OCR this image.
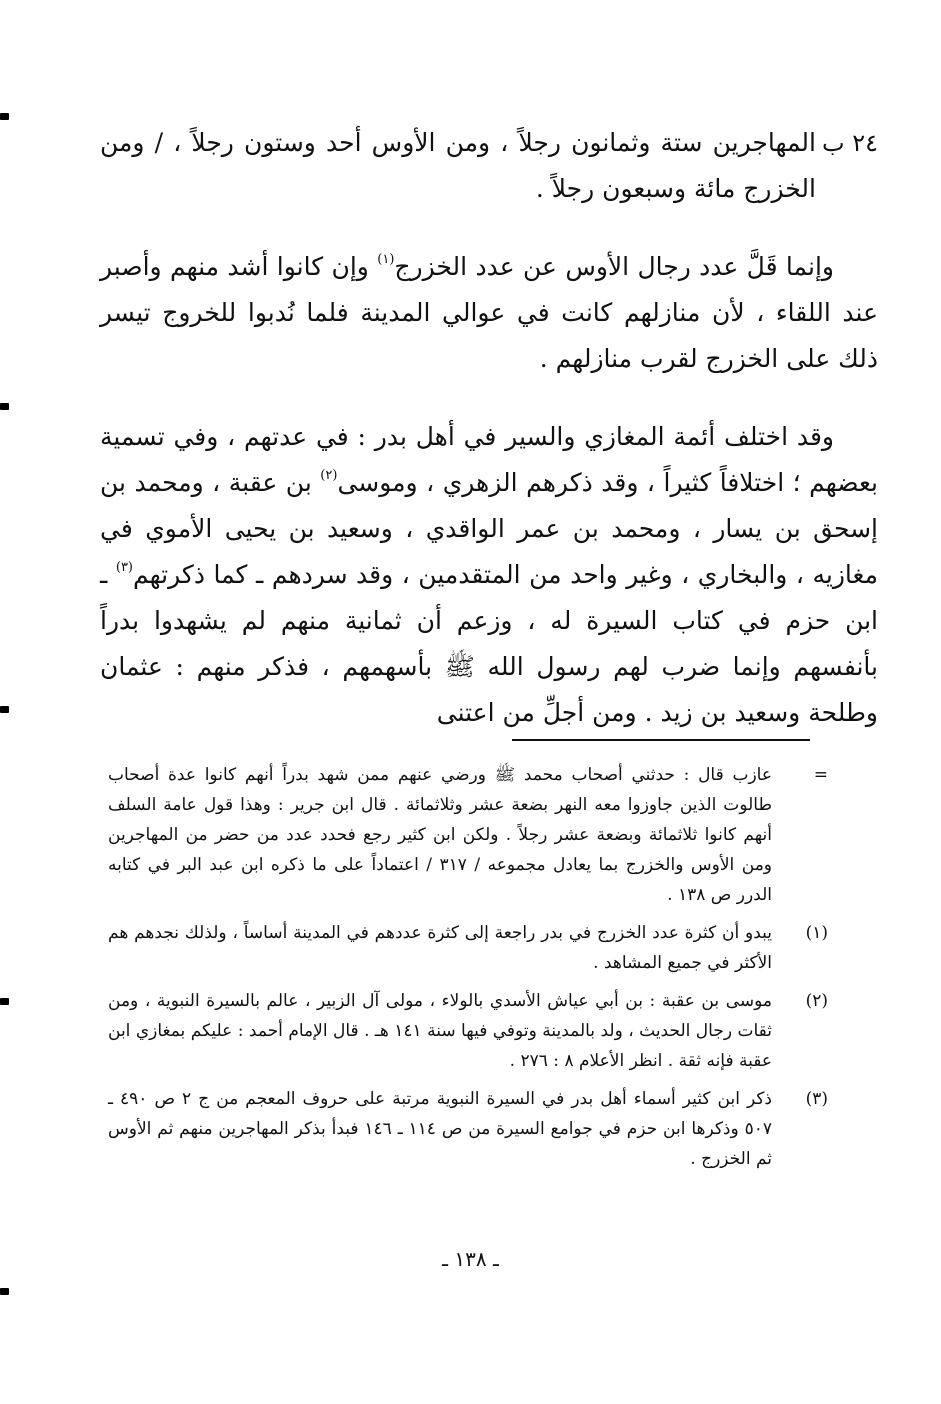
٢٤ ب
المهاجرين ستة وثمانون رجلاً ، ومن الأوس أحد وستون رجلاً ، / ومن الخزرج مائة وسبعون رجلاً .

وإنما قَلَّ عدد رجال الأوس عن عدد الخزرج$^{(١)}$ وإن كانوا أشد منهم وأصبر عند اللقاء ، لأن منازلهم كانت في عوالي المدينة فلما نُدبوا للخروج تيسر ذلك على الخزرج لقرب منازلهم .

وقد اختلف أئمة المغازي والسير في أهل بدر : في عدتهم ، وفي تسمية بعضهم ؛ اختلافاً كثيراً ، وقد ذكرهم الزهري ، وموسى$^{(٢)}$ بن عقبة ، ومحمد بن إسحق بن يسار ، ومحمد بن عمر الواقدي ، وسعيد بن يحيى الأموي في مغازيه ، والبخاري ، وغير واحد من المتقدمين ، وقد سردهم ـ كما ذكرتهم$^{(٣)}$ ـ ابن حزم في كتاب السيرة له ، وزعم أن ثمانية منهم لم يشهدوا بدراً بأنفسهم وإنما ضرب لهم رسول الله ﷺ بأسهمهم ، فذكر منهم : عثمان وطلحة وسعيد بن زيد . ومن أجلِّ من اعتنى

=
عازب قال : حدثني أصحاب محمد ﷺ ورضي عنهم ممن شهد بدراً أنهم كانوا عدة أصحاب طالوت الذين جاوزوا معه النهر بضعة عشر وثلاثمائة . قال ابن جرير : وهذا قول عامة السلف أنهم كانوا ثلاثمائة وبضعة عشر رجلاً . ولكن ابن كثير رجع فحدد عدد من حضر من المهاجرين ومن الأوس والخزرج بما يعادل مجموعه / ٣١٧ / اعتماداً على ما ذكره ابن عبد البر في كتابه الدرر ص ١٣٨ .

(١)
يبدو أن كثرة عدد الخزرج في بدر راجعة إلى كثرة عددهم في المدينة أساساً ، ولذلك نجدهم هم الأكثر في جميع المشاهد .

(٢)
موسى بن عقبة : بن أبي عياش الأسدي بالولاء ، مولى آل الزبير ، عالم بالسيرة النبوية ، ومن ثقات رجال الحديث ، ولد بالمدينة وتوفي فيها سنة ١٤١ هـ . قال الإمام أحمد : عليكم بمغازي ابن عقبة فإنه ثقة . انظر الأعلام ٨ : ٢٧٦ .

(٣)
ذكر ابن كثير أسماء أهل بدر في السيرة النبوية مرتبة على حروف المعجم من ج ٢ ص ٤٩٠ ـ ٥٠٧ وذكرها ابن حزم في جوامع السيرة من ص ١١٤ ـ ١٤٦ فبدأ بذكر المهاجرين منهم ثم الأوس ثم الخزرج .

ـ ١٣٨ ـ
